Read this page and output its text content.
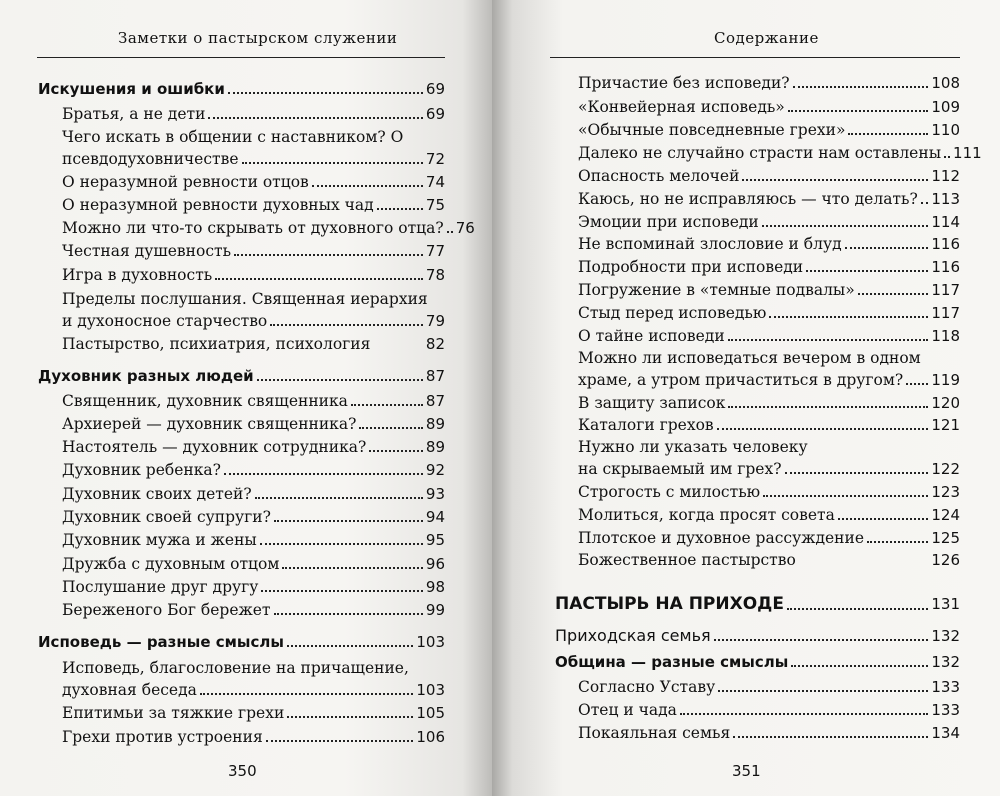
Заметки о пастырском служении
Искушения и ошибки	69
Братья, а не дети	69
Чего искать в общении с наставником? О
псевдодуховничестве	72
О неразумной ревности отцов	74
О неразумной ревности духовных чад	75
Можно ли что-то скрывать от духовного отца? 76
Честная душевность	77
Игра в духовность	78
Пределы послушания. Священная иерархия
и духоносное старчество	79
Пастырство, психиатрия, психология	82
Духовник разных людей	87
Священник, духовник священника	87
Архиерей — духовник священника?	89
Настоятель — духовник сотрудника?	89
Духовник ребенка?	92
Духовник своих детей?	93
Духовник своей супруги?	94
Духовник мужа и жены	95
Дружба с духовным отцом	96
Послушание друг другу	98
Береженого Бог бережет	99
Исповедь — разные смыслы	103
Исповедь, благословение на причащение,
духовная беседа	103
Епитимьи за тяжкие грехи	105
Грехи против устроения	106
350
Содержание
Причастие без исповеди?	108
«Конвейерная исповедь»	109
«Обычные повседневные грехи»	110
Далеко не случайно страсти нам оставлены 111
Опасность мелочей	112
Каюсь, но не исправляюсь — что делать? 113
Эмоции при исповеди	114
Не вспоминай злословие и блуд	116
Подробности при исповеди	116
Погружение в «темные подвалы»	117
Стыд перед исповедью	117
О тайне исповеди	118
Можно ли исповедаться вечером в одном
храме, а утром причаститься в другом? 119
В защиту записок	120
Каталоги грехов	121
Нужно ли указать человеку
на скрываемый им грех?	122
Строгость с милостью	123
Молиться, когда просят совета	124
Плотское и духовное рассуждение	125
Божественное пастырство	126
ПАСТЫРЬ НА ПРИХОДЕ	131
Приходская семья	132
Община — разные смыслы	132
Согласно Уставу	133
Отец и чада	133
Покаяльная семья	134
351
